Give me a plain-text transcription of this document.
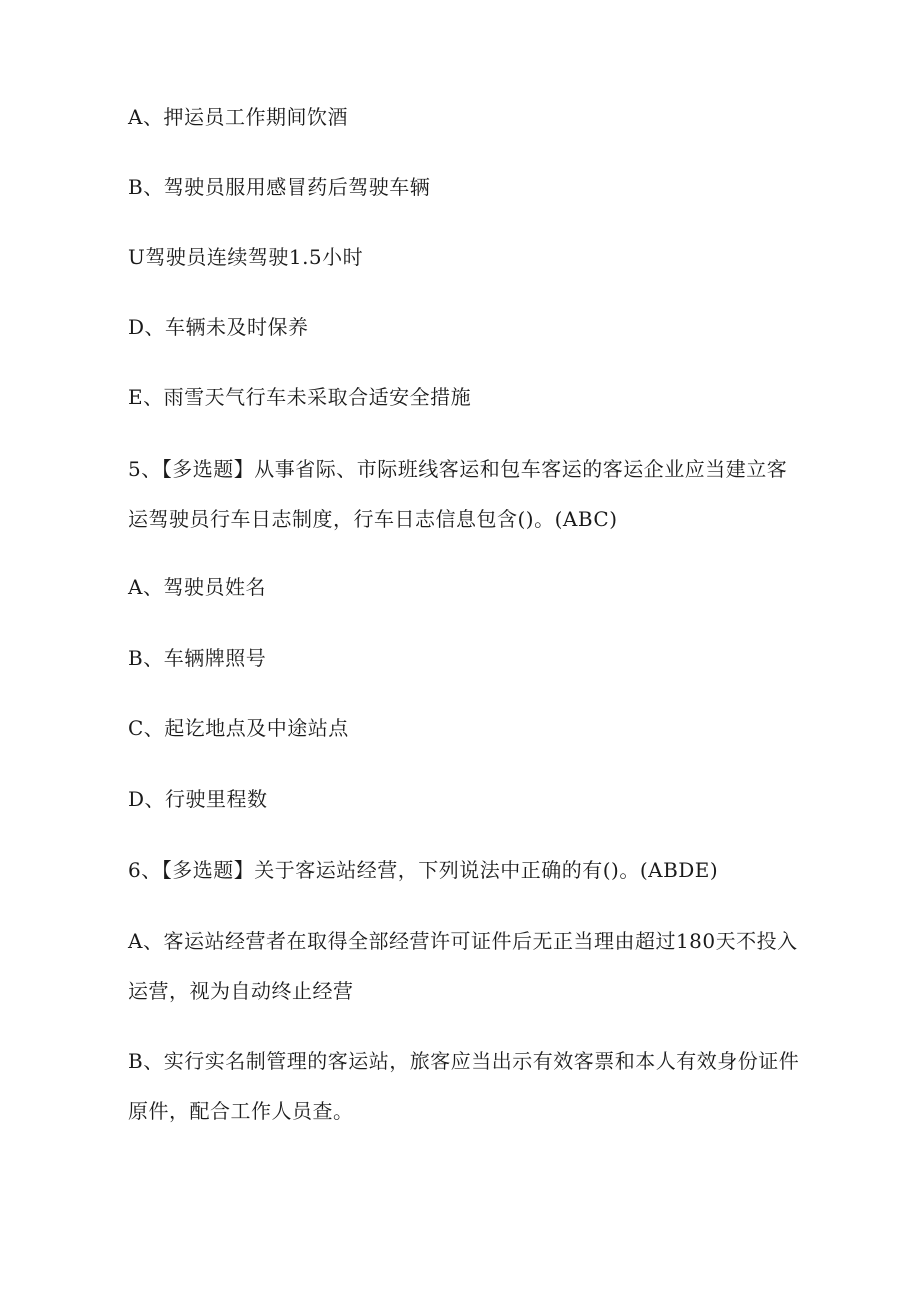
A、押运员工作期间饮酒
B、驾驶员服用感冒药后驾驶车辆
U驾驶员连续驾驶1.5小时
D、车辆未及时保养
E、雨雪天气行车未采取合适安全措施
5、【多选题】从事省际、市际班线客运和包车客运的客运企业应当建立客
运驾驶员行车日志制度，行车日志信息包含()。(ABC)
A、驾驶员姓名
B、车辆牌照号
C、起讫地点及中途站点
D、行驶里程数
6、【多选题】关于客运站经营，下列说法中正确的有()。(ABDE)
A、客运站经营者在取得全部经营许可证件后无正当理由超过180天不投入
运营，视为自动终止经营
B、实行实名制管理的客运站，旅客应当出示有效客票和本人有效身份证件
原件，配合工作人员查。
